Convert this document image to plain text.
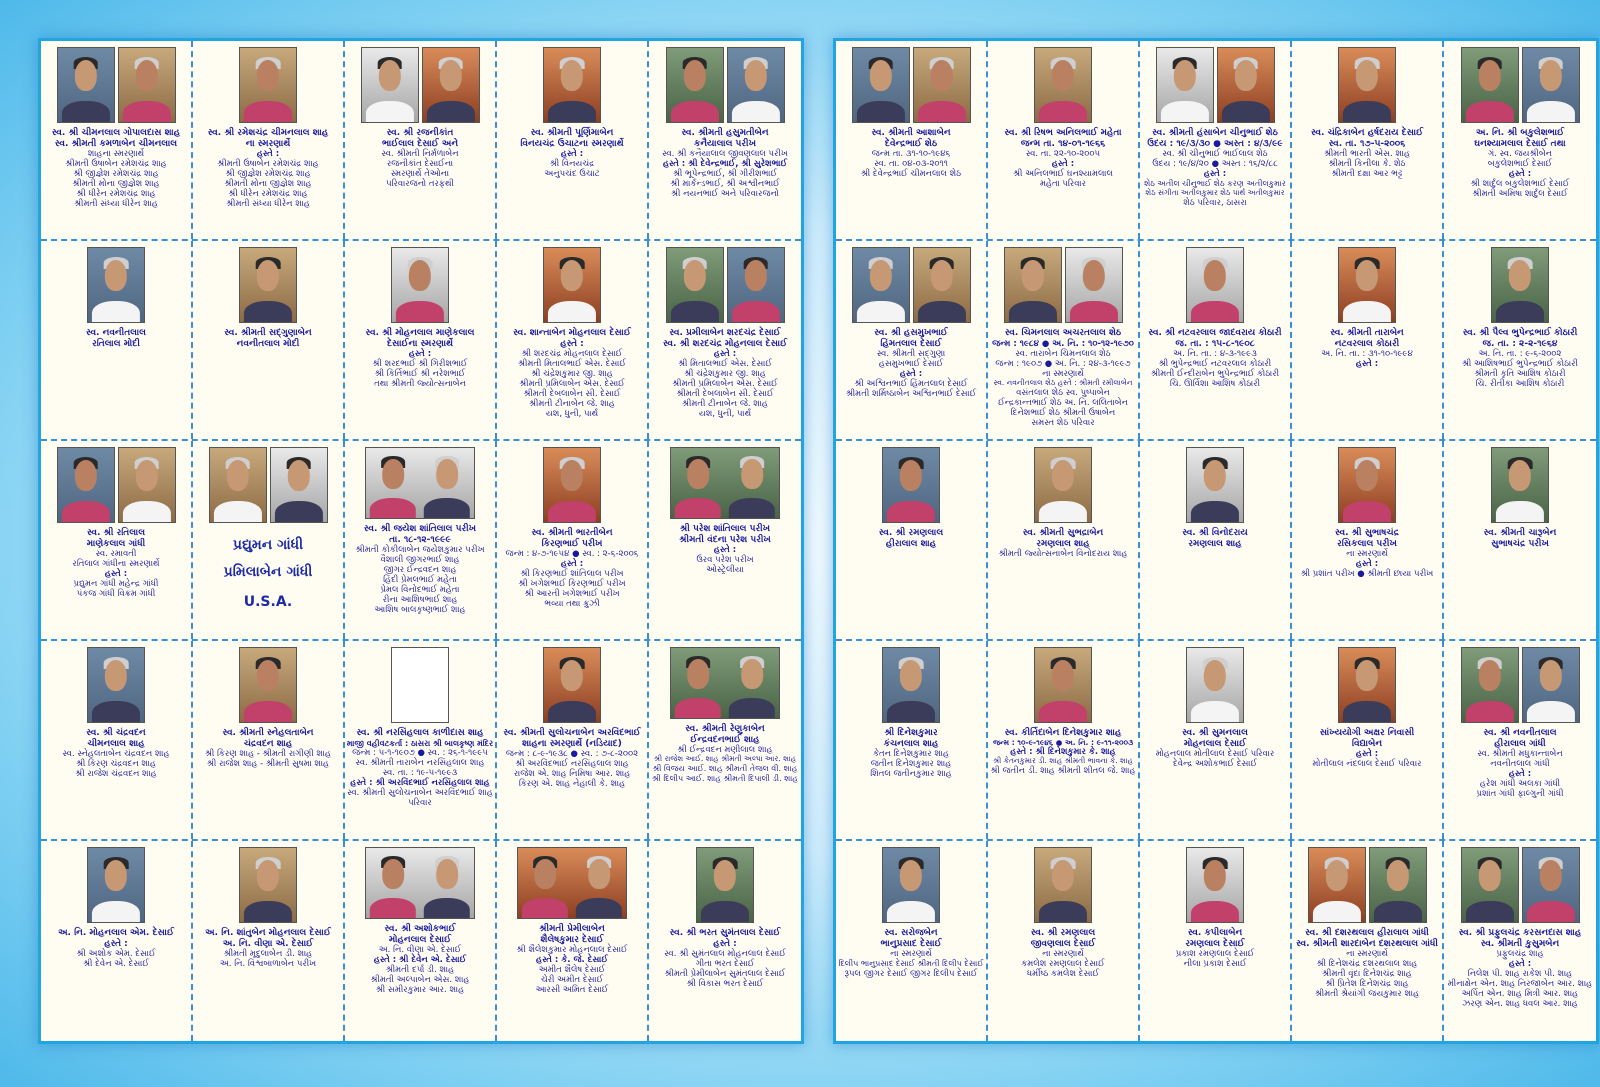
સ્વ. શ્રી ચીમનલાલ ગોપાલદાસ શાહ
સ્વ. શ્રીમતી કમળાબેન ચીમનલાલ
શાહના સ્મરણાર્થે
શ્રીમતી ઉષાબેન રમેશચંદ્ર શાહ
શ્રી જીજ્ઞેશ રમેશચંદ્ર શાહ
શ્રીમતી મોના જીજ્ઞેશ શાહ
શ્રી ધીરેન રમેશચંદ્ર શાહ
શ્રીમતી સંધ્યા ધીરેન શાહ
સ્વ. શ્રી રમેશચંદ્ર ચીમનલાલ શાહ
ના સ્મરણાર્થે
હસ્તે :
શ્રીમતી ઉષાબેન રમેશચંદ્ર શાહ
શ્રી જીજ્ઞેશ રમેશચંદ્ર શાહ
શ્રીમતી મોના જીજ્ઞેશ શાહ
શ્રી ધીરેન રમેશચંદ્ર શાહ
શ્રીમતી સંધ્યા ધીરેન શાહ
સ્વ. શ્રી રજનીકાંત
ભાઈલાલ દેસાઈ અને
સ્વ. શ્રીમતી નિર્મળાબેન
રજનીકાંત દેસાઈના
સ્મરણાર્થે તેઓના
પરિવારજનો તરફથી
સ્વ. શ્રીમતી પૂર્ણિમાબેન
વિનયચંદ્ર ઉચાટના સ્મરણાર્થે
હસ્તે :
શ્રી વિનયચંદ્ર
અનુપચંદ ઉચાટ
સ્વ. શ્રીમતી હસુમતીબેન
કનૈયાલાલ પરીખ
સ્વ. શ્રી કનૈયાલાલ જીવણલાલ પરીખ
હસ્તે : શ્રી દેવેન્દ્રભાઈ, શ્રી સુરેશભાઈ
શ્રી ભૂપેન્દ્રભાઈ, શ્રી ગીરીશભાઈ
શ્રી માર્કન્ડભાઈ, શ્રી અશ્વીનભાઈ
શ્રી નયનભાઈ અને પરિવારજનો
સ્વ. નવનીતલાલ
રતિલાલ મોદી
સ્વ. શ્રીમતી સદ્ગુણાબેન
નવનીતલાલ મોદી
સ્વ. શ્રી મોહનલાલ માણેકલાલ
દેસાઈના સ્મરણાર્થે
હસ્તે :
શ્રી શરદભાઈ શ્રી ગિરીશભાઈ
શ્રી કિર્તિભાઈ શ્રી નરેશભાઈ
તથા શ્રીમતી જ્યોત્સનાબેન
સ્વ. શાન્તાબેન મોહનલાલ દેસાઈ
હસ્તે :
શ્રી શરદચંદ્ર મોહનલાલ દેસાઈ
શ્રીમતી મિતાલભાઈ એસ. દેસાઈ
શ્રી ચંદ્રેશકુમાર જી. શાહ
શ્રીમતી પ્રમિલાબેન એસ. દેસાઈ
શ્રીમતી દેબલાબેન સી. દેસાઈ
શ્રીમતી ટીનાબેન જે. શાહ
યશ, ધુની, પાર્થ
સ્વ. પ્રમીલાબેન શરદચંદ્ર દેસાઈ
સ્વ. શ્રી શરદચંદ્ર મોહનલાલ દેસાઈ
હસ્તે :
શ્રી મિતાલભાઈ એસ. દેસાઈ
શ્રી ચંદ્રેશકુમાર જી. શાહ
શ્રીમતી પ્રમિલાબેન એસ. દેસાઈ
શ્રીમતી દેબલાબેન સી. દેસાઈ
શ્રીમતી ટીનાબેન જે. શાહ
યશ, ધુની, પાર્થ
સ્વ. શ્રી રતિલાલ
માણેકલાલ ગાંધી
સ્વ. રમાવતી
રતિલાલ ગાંધીના સ્મરણાર્થે
હસ્તે :
પ્રદ્યુમન ગાંધી મહેન્દ્ર ગાંધી
પંકજ ગાંધી વિક્રમ ગાંધી
પ્રદ્યુમન ગાંધી
પ્રમિલાબેન ગાંધી
U.S.A.
સ્વ. શ્રી જયેશ શાંતિલાલ પરીખ
તા. ૧૮-૧૨-૧૯૯૯
શ્રીમતી કોકીલાબેન જયેશકુમાર પરીખ
વૈશાલી જીગરભાઈ શાહ
જીગર ઈન્દ્રવદન શાહ
હિંદી પ્રેમલભાઈ મહેતા
પ્રેમલ વિનોદભાઈ મહેતા
રીના આશિષભાઈ શાહ
આશિષ બાલકૃષ્ણભાઈ શાહ
સ્વ. શ્રીમતી ભારતીબેન
કિરણભાઈ પરીખ
જન્મ : ૪-૭-૧૯૫૪ ● સ્વ. : ૨-૬-૨૦૦૬
હસ્તે :
શ્રી કિરણભાઈ શાંતિલાલ પરીખ
શ્રી ખગેશભાઈ કિરણભાઈ પરીખ
શ્રી આરતી ખગેશભાઈ પરીખ
ભવ્યા તથા ક્રુઝી
શ્રી પરેશ શાંતિલાલ પરીખ
શ્રીમતી વંદના પરેશ પરીખ
હસ્તે :
ઉરવ પરેશ પરીખ
ઓસ્ટ્રેલીયા
સ્વ. શ્રી ચંદ્રવદન
ચીમનલાલ શાહ
સ્વ. સ્નેહલતાબેન ચંદ્રવદન શાહ
શ્રી કિરણ ચંદ્રવદન શાહ
શ્રી રાજેશ ચંદ્રવદન શાહ
સ્વ. શ્રીમતી સ્નેહલતાબેન
ચંદ્રવદન શાહ
શ્રી કિરણ શાહ - શ્રીમતી રાગીણી શાહ
શ્રી રાજેશ શાહ - શ્રીમતી સુષમા શાહ
સ્વ. શ્રી નરસિંહલાલ કાળીદાસ શાહ
માજી વહીવટકર્તા : ઠાસરા શ્રી બાલકૃષ્ણ મંદિર
જન્મ : ૫-૧-૧૯૦૭ ● સ્વ. : ૨૬-૧-૧૯૯૫
સ્વ. શ્રીમતી તારાબેન નરસિંહલાલ શાહ
સ્વ. તા. : ૧૯-૫-૧૯૯૩
હસ્તે : શ્રી અરવિંદભાઈ નરસિંહલાલ શાહ
સ્વ. શ્રીમતી સુલોચનાબેન અરવિંદભાઈ શાહ
પરિવાર
સ્વ. શ્રીમતી સુલોચનાબેન અરવિંદભાઈ
શાહના સ્મરણાર્થે (નડિયાદ)
જન્મ : ૮-૯-૧૯૩૮ ● સ્વ. : ૭-૮-૨૦૦૨
શ્રી અરવિંદભાઈ નરસિંહલાલ શાહ
રાજેશ એ. શાહ નિમિષા આર. શાહ
કિરણ એ. શાહ નેહાલી કે. શાહ
સ્વ. શ્રીમતી રેણુકાબેન
ઈન્દ્રવદનભાઈ શાહ
શ્રી ઈન્દ્રવદન મણીલાલ શાહ
શ્રી રાજેશ આઈ. શાહ શ્રીમતી અલ્પા આર. શાહ
શ્રી વિજય આઈ. શાહ શ્રીમતી તેજલ વી. શાહ
શ્રી દિલીપ આઈ. શાહ શ્રીમતી દિપાલી ડી. શાહ
અ. નિ. મોહનલાલ એમ. દેસાઈ
હસ્તે :
શ્રી અશોક એમ. દેસાઈ
શ્રી દેવેન એ. દેસાઈ
અ. નિ. શાંતુબેન મોહનલાલ દેસાઈ
અ. નિ. વીણા એ. દેસાઈ
શ્રીમતી મૃદુલાબેન ડી. શાહ
અ. નિ. વિશ્વબાળાબેન પરીખ
સ્વ. શ્રી અશોકભાઈ
મોહનલાલ દેસાઈ
અ. નિ. વીણા એ. દેસાઈ
હસ્તે : શ્રી દેવેન એ. દેસાઈ
શ્રીમતી દર્પા ડી. શાહ
શ્રીમતી અલ્પાબેન એસ. શાહ
શ્રી સમીરકુમાર આર. શાહ
શ્રીમતી પ્રેમીલાબેન
શૈલેષકુમાર દેસાઈ
શ્રી શૈલેશકુમાર મોહનલાલ દેસાઈ
હસ્તે : કે. જે. દેસાઈ
અમીત શૈલેષ દેસાઈ
ચેરી અમીત દેસાઈ
આરસી અમિત દેસાઈ
સ્વ. શ્રી ભરત સુમંતલાલ દેસાઈ
હસ્તે :
સ્વ. શ્રી સુમંતલાલ મોહનલાલ દેસાઈ
ગીતા ભરત દેસાઈ
શ્રીમતી પ્રેમીલાબેન સુમંતલાલ દેસાઈ
શ્રી વિકાસ ભરત દેસાઈ
સ્વ. શ્રીમતી આશાબેન
દેવેન્દ્રભાઈ શેઠ
જન્મ તા. ૩૧-૧૦-૧૯૪૬
સ્વ. તા. ૦૪-૦૩-૨૦૧૧
શ્રી દેવેન્દ્રભાઈ ચીમનલાલ શેઠ
સ્વ. શ્રી રિષભ અનિલભાઈ મહેતા
જન્મ તા. ૧૪-૦૧-૧૯૬૬
સ્વ. તા. ૨૨-૧૦-૨૦૦૫
હસ્તે :
શ્રી અનિલભાઈ ઘનશ્યામલાલ
મહેતા પરિવાર
સ્વ. શ્રીમતી હંસાબેન ચીનુભાઈ શેઠ
ઉદય : ૧૯/૩/૩૦ ● અસ્ત : ૪/૩/૯૯
સ્વ. શ્રી ચીનુભાઈ ભાઈલાલ શેઠ
ઉદય : ૧૯/૪/૨૦ ● અસ્ત : ૧૬/૨/૮૮
હસ્તે :
શેઠ અતીલ ચીનુભાઈ શેઠ કરણ અતીલકુમાર
શેઠ સંગીતા અતીલકુમાર શેઠ પાર્થ અતીલકુમાર
શેઠ પરિવાર, ઠાસરા
સ્વ. ચંદ્રિકાબેન હર્ષદરાય દેસાઈ
સ્વ. તા. ૧૭-૫-૨૦૦૬
શ્રીમતી ભારતી એસ. શાહ
શ્રીમતી કિનીલા કે. શેઠ
શ્રીમતી દક્ષા આર ભટ્ટ
અ. નિ. શ્રી બકુલેશભાઈ
ઘનશ્યામલાલ દેસાઈ તથા
ગં. સ્વ. જયશ્રીબેન
બકુલેશભાઈ દેસાઈ
હસ્તે :
શ્રી શાર્દુલ બકુલેશભાઈ દેસાઈ
શ્રીમતી અમિષા શાર્દુલ દેસાઈ
સ્વ. શ્રી હસમુખભાઈ
હિંમતલાલ દેસાઈ
સ્વ. શ્રીમતી સદ્ગુણા
હસમુખભાઈ દેસાઈ
હસ્તે :
શ્રી અશ્વિનભાઈ હિંમતલાલ દેસાઈ
શ્રીમતી શર્મિષ્ઠાબેન અશ્વિનભાઈ દેસાઈ
સ્વ. ચિમનલાલ અચરતલાલ શેઠ
જન્મ : ૧૯૮૪ ● અ. નિ. : ૧૦-૧૨-૧૯૭૦
સ્વ. તારાબેન ચિમનલાલ શેઠ
જન્મ : ૧૯૦૭ ● અ. નિ. : ૨૪-૩-૧૯૯૭
ના સ્મરણાર્થે
સ્વ. નવનીતલાલ શેઠ હસ્તે : શ્રીમતી રમીલાબેન
વસંતલાલ શેઠ સ્વ. પુષ્પાબેન
ઈન્દ્રકાન્તભાઈ શેઠ અ. નિ. લલિતાબેન
દિનેશભાઈ શેઠ શ્રીમતી ઉષાબેન
સમસ્ત શેઠ પરિવાર
સ્વ. શ્રી નટવરલાલ જાદવરાય કોઠારી
જ. તા. : ૧૫-૮-૧૯૦૮
અ. નિ. તા. : ૪-૩-૧૯૯૩
શ્રી ભુપેન્દ્રભાઈ નટવરલાલ કોઠારી
શ્રીમતી ઈન્દીરાબેન ભુપેન્દ્રભાઈ કોઠારી
ચિ. ઊર્વિશા આશિષ કોઠારી
સ્વ. શ્રીમતી તારાબેન
નટવરલાલ કોઠારી
અ. નિ. તા. : ૩૧-૧૦-૧૯૯૪
હસ્તે :
સ્વ. શ્રી પૈલ્વ ભુપેન્દ્રભાઈ કોઠારી
જ. તા. : ૨-૨-૧૯૬૪
અ. નિ. તા. : ૯-૬-૨૦૦૨
શ્રી આશિષભાઈ ભુપેન્દ્રભાઈ કોઠારી
શ્રીમતી કૃતિ આશિષ કોઠારી
ચિ. રીતીકા આશિષ કોઠારી
સ્વ. શ્રી રમણલાલ
હીરાલાલ શાહ
સ્વ. શ્રીમતી સુભદ્રાબેન
રમણલાલ શાહ
શ્રીમતી જ્યોત્સનાબેન વિનોદરાય શાહ
સ્વ. શ્રી વિનોદરાય
રમણલાલ શાહ
સ્વ. શ્રી સુભાષચંદ્ર
રસિકલાલ પરીખ
ના સ્મરણાર્થે
હસ્તે :
શ્રી પ્રશાંત પરીખ ● શ્રીમતી છાયા પરીખ
સ્વ. શ્રીમતી ચારૂબેન
સુભાષચંદ્ર પરીખ
શ્રી દિનેશકુમાર
કંચનલાલ શાહ
કેતન દિનેશકુમાર શાહ
જતીન દિનેશકુમાર શાહ
શિતલ જતીનકુમાર શાહ
સ્વ. કીર્તિદાબેન દિનેશકુમાર શાહ
જન્મ : ૧૦-૯-૧૯૪૬ ● અ. નિ. : ૯-૧૧-૨૦૦૩
હસ્તે : શ્રી દિનેશકુમાર કે. શાહ
શ્રી કેતનકુમાર ડી. શાહ શ્રીમતી ભાવના કે. શાહ
શ્રી જતીન ડી. શાહ શ્રીમતી શીતલ જે. શાહ
સ્વ. શ્રી સુમનલાલ
મોહનલાલ દેસાઈ
મોહનલાલ મોતીલાલ દેસાઈ પરિવાર
દેવેન્દ્ર અશોકભાઈ દેસાઈ
સાંખ્યયોગી અક્ષર નિવાસી
વિદ્યાબેન
હસ્તે :
મોતીલાલ નંદલાલ દેસાઈ પરિવાર
સ્વ. શ્રી નવનીતલાલ
હીરાલાલ ગાંધી
સ્વ. શ્રીમતી મધુકાન્તાબેન
નવનીતલાલ ગાંધી
હસ્તે :
હરેશ ગાંધી અલકા ગાંધી
પ્રશાંત ગાંધી ફાલ્ગુની ગાંધી
સ્વ. સરોજબેન
ભાનુપ્રસાદ દેસાઈ
ના સ્મરણાર્થે
દિલીપ ભાનુપ્રસાદ દેસાઈ શ્રીમતી દિલીપ દેસાઈ
રૂપલ જીગર દેસાઈ જીગર દિલીપ દેસાઈ
સ્વ. શ્રી રમણલાલ
જીવણલાલ દેસાઈ
ના સ્મરણાર્થે
કમલેશ રમણલાલ દેસાઈ
ધર્મીષ્ઠ કમલેશ દેસાઈ
સ્વ. કપીલાબેન
રમણલાલ દેસાઈ
પ્રકાશ રમણલાલ દેસાઈ
નીલા પ્રકાશ દેસાઈ
સ્વ. શ્રી દશરથલાલ હીરાલાલ ગાંધી
સ્વ. શ્રીમતી શારદાબેન દશરથલાલ ગાંધી
ના સ્મરણાર્થે
શ્રી દિનેશચંદ્ર દશરથલાલ શાહ
શ્રીમતી વૃંદા દિનેશચંદ્ર શાહ
શ્રી પ્રિતેશ દિનેશચંદ્ર શાહ
શ્રીમતી શ્રેયાંગી જયકુમાર શાહ
સ્વ. શ્રી પ્રફુલચંદ્ર કરસનદાસ શાહ
સ્વ. શ્રીમતી કુસુમબેન
પ્રફુલચંદ્ર શાહ
હસ્તે :
નિલેશ પી. શાહ રાકેશ પી. શાહ
મીનાક્ષેન એન. શાહ નિરજાબેન આર. શાહ
અર્પિત એન. શાહ મિત્રી આર. શાહ
ઝરણ એન. શાહ ધવલ આર. શાહ
